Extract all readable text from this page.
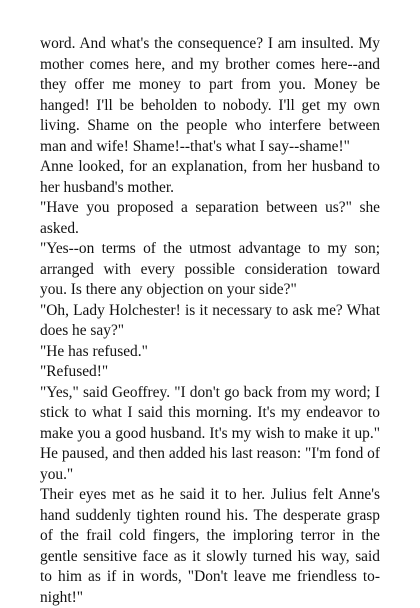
word. And what's the consequence? I am insulted. My mother comes here, and my brother comes here--and they offer me money to part from you. Money be hanged! I'll be beholden to nobody. I'll get my own living. Shame on the people who interfere between man and wife! Shame!--that's what I say--shame!"

Anne looked, for an explanation, from her husband to her husband's mother.

"Have you proposed a separation between us?" she asked.

"Yes--on terms of the utmost advantage to my son; arranged with every possible consideration toward you. Is there any objection on your side?"

"Oh, Lady Holchester! is it necessary to ask me? What does he say?"

"He has refused."

"Refused!"

"Yes," said Geoffrey. "I don't go back from my word; I stick to what I said this morning. It's my endeavor to make you a good husband. It's my wish to make it up." He paused, and then added his last reason: "I'm fond of you."

Their eyes met as he said it to her. Julius felt Anne's hand suddenly tighten round his. The desperate grasp of the frail cold fingers, the imploring terror in the gentle sensitive face as it slowly turned his way, said to him as if in words, "Don't leave me friendless to-night!"
